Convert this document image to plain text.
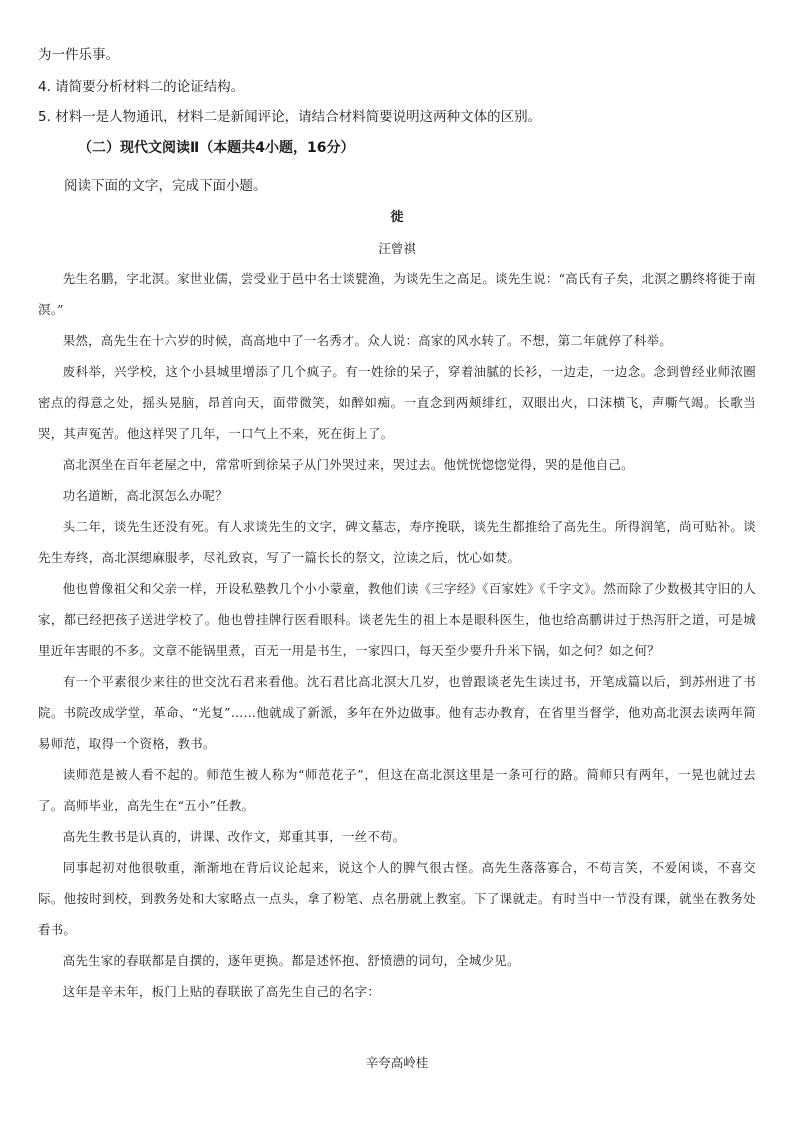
为一件乐事。
4. 请简要分析材料二的论证结构。
5. 材料一是人物通讯，材料二是新闻评论，请结合材料简要说明这两种文体的区别。
（二）现代文阅读Ⅱ（本题共4小题，16分）
阅读下面的文字，完成下面小题。
徙
汪曾祺

先生名鹏，字北溟。家世业儒，尝受业于邑中名士谈甓渔，为谈先生之高足。谈先生说：“高氏有子矣，北溟之鹏终将徙于南溟。”

果然，高先生在十六岁的时候，高高地中了一名秀才。众人说：高家的风水转了。不想，第二年就停了科举。

废科举，兴学校，这个小县城里增添了几个疯子。有一姓徐的呆子，穿着油腻的长衫，一边走，一边念。念到曾经业师浓圈密点的得意之处，摇头晃脑，昂首向天，面带微笑，如醉如痴。一直念到两颊绯红，双眼出火，口沫横飞，声嘶气竭。长歌当哭，其声冤苦。他这样哭了几年，一口气上不来，死在街上了。

高北溟坐在百年老屋之中，常常听到徐呆子从门外哭过来，哭过去。他恍恍惚惚觉得，哭的是他自己。

功名道断，高北溟怎么办呢？

头二年，谈先生还没有死。有人求谈先生的文字，碑文墓志，寿序挽联，谈先生都推给了高先生。所得润笔，尚可贴补。谈先生寿终，高北溟缌麻服孝，尽礼致哀，写了一篇长长的祭文，泣读之后，忱心如焚。

他也曾像祖父和父亲一样，开设私塾教几个小小蒙童，教他们读《三字经》《百家姓》《千字文》。然而除了少数极其守旧的人家，都已经把孩子送进学校了。他也曾挂牌行医看眼科。谈老先生的祖上本是眼科医生，他也给高鹏讲过于热泻肝之道，可是城里近年害眼的不多。文章不能锅里煮，百无一用是书生，一家四口，每天至少要升升米下锅，如之何？如之何？

有一个平素很少来往的世交沈石君来看他。沈石君比高北溟大几岁，也曾跟谈老先生读过书，开笔成篇以后，到苏州进了书院。书院改成学堂，革命、“光复”……他就成了新派，多年在外边做事。他有志办教育，在省里当督学，他劝高北溟去读两年简易师范，取得一个资格，教书。

读师范是被人看不起的。师范生被人称为“师范花子”，但这在高北溟这里是一条可行的路。简师只有两年，一晃也就过去了。高师毕业，高先生在“五小”任教。

高先生教书是认真的，讲课、改作文，郑重其事，一丝不苟。

同事起初对他很敬重，渐渐地在背后议论起来，说这个人的脾气很古怪。高先生落落寡合，不苟言笑，不爱闲谈，不喜交际。他按时到校，到教务处和大家略点一点头，拿了粉笔、点名册就上教室。下了课就走。有时当中一节没有课，就坐在教务处看书。

高先生家的春联都是自撰的，逐年更换。都是述怀抱、舒愤懑的词句，全城少见。

这年是辛未年，板门上贴的春联嵌了高先生自己的名字：

辛夸高岭桂
